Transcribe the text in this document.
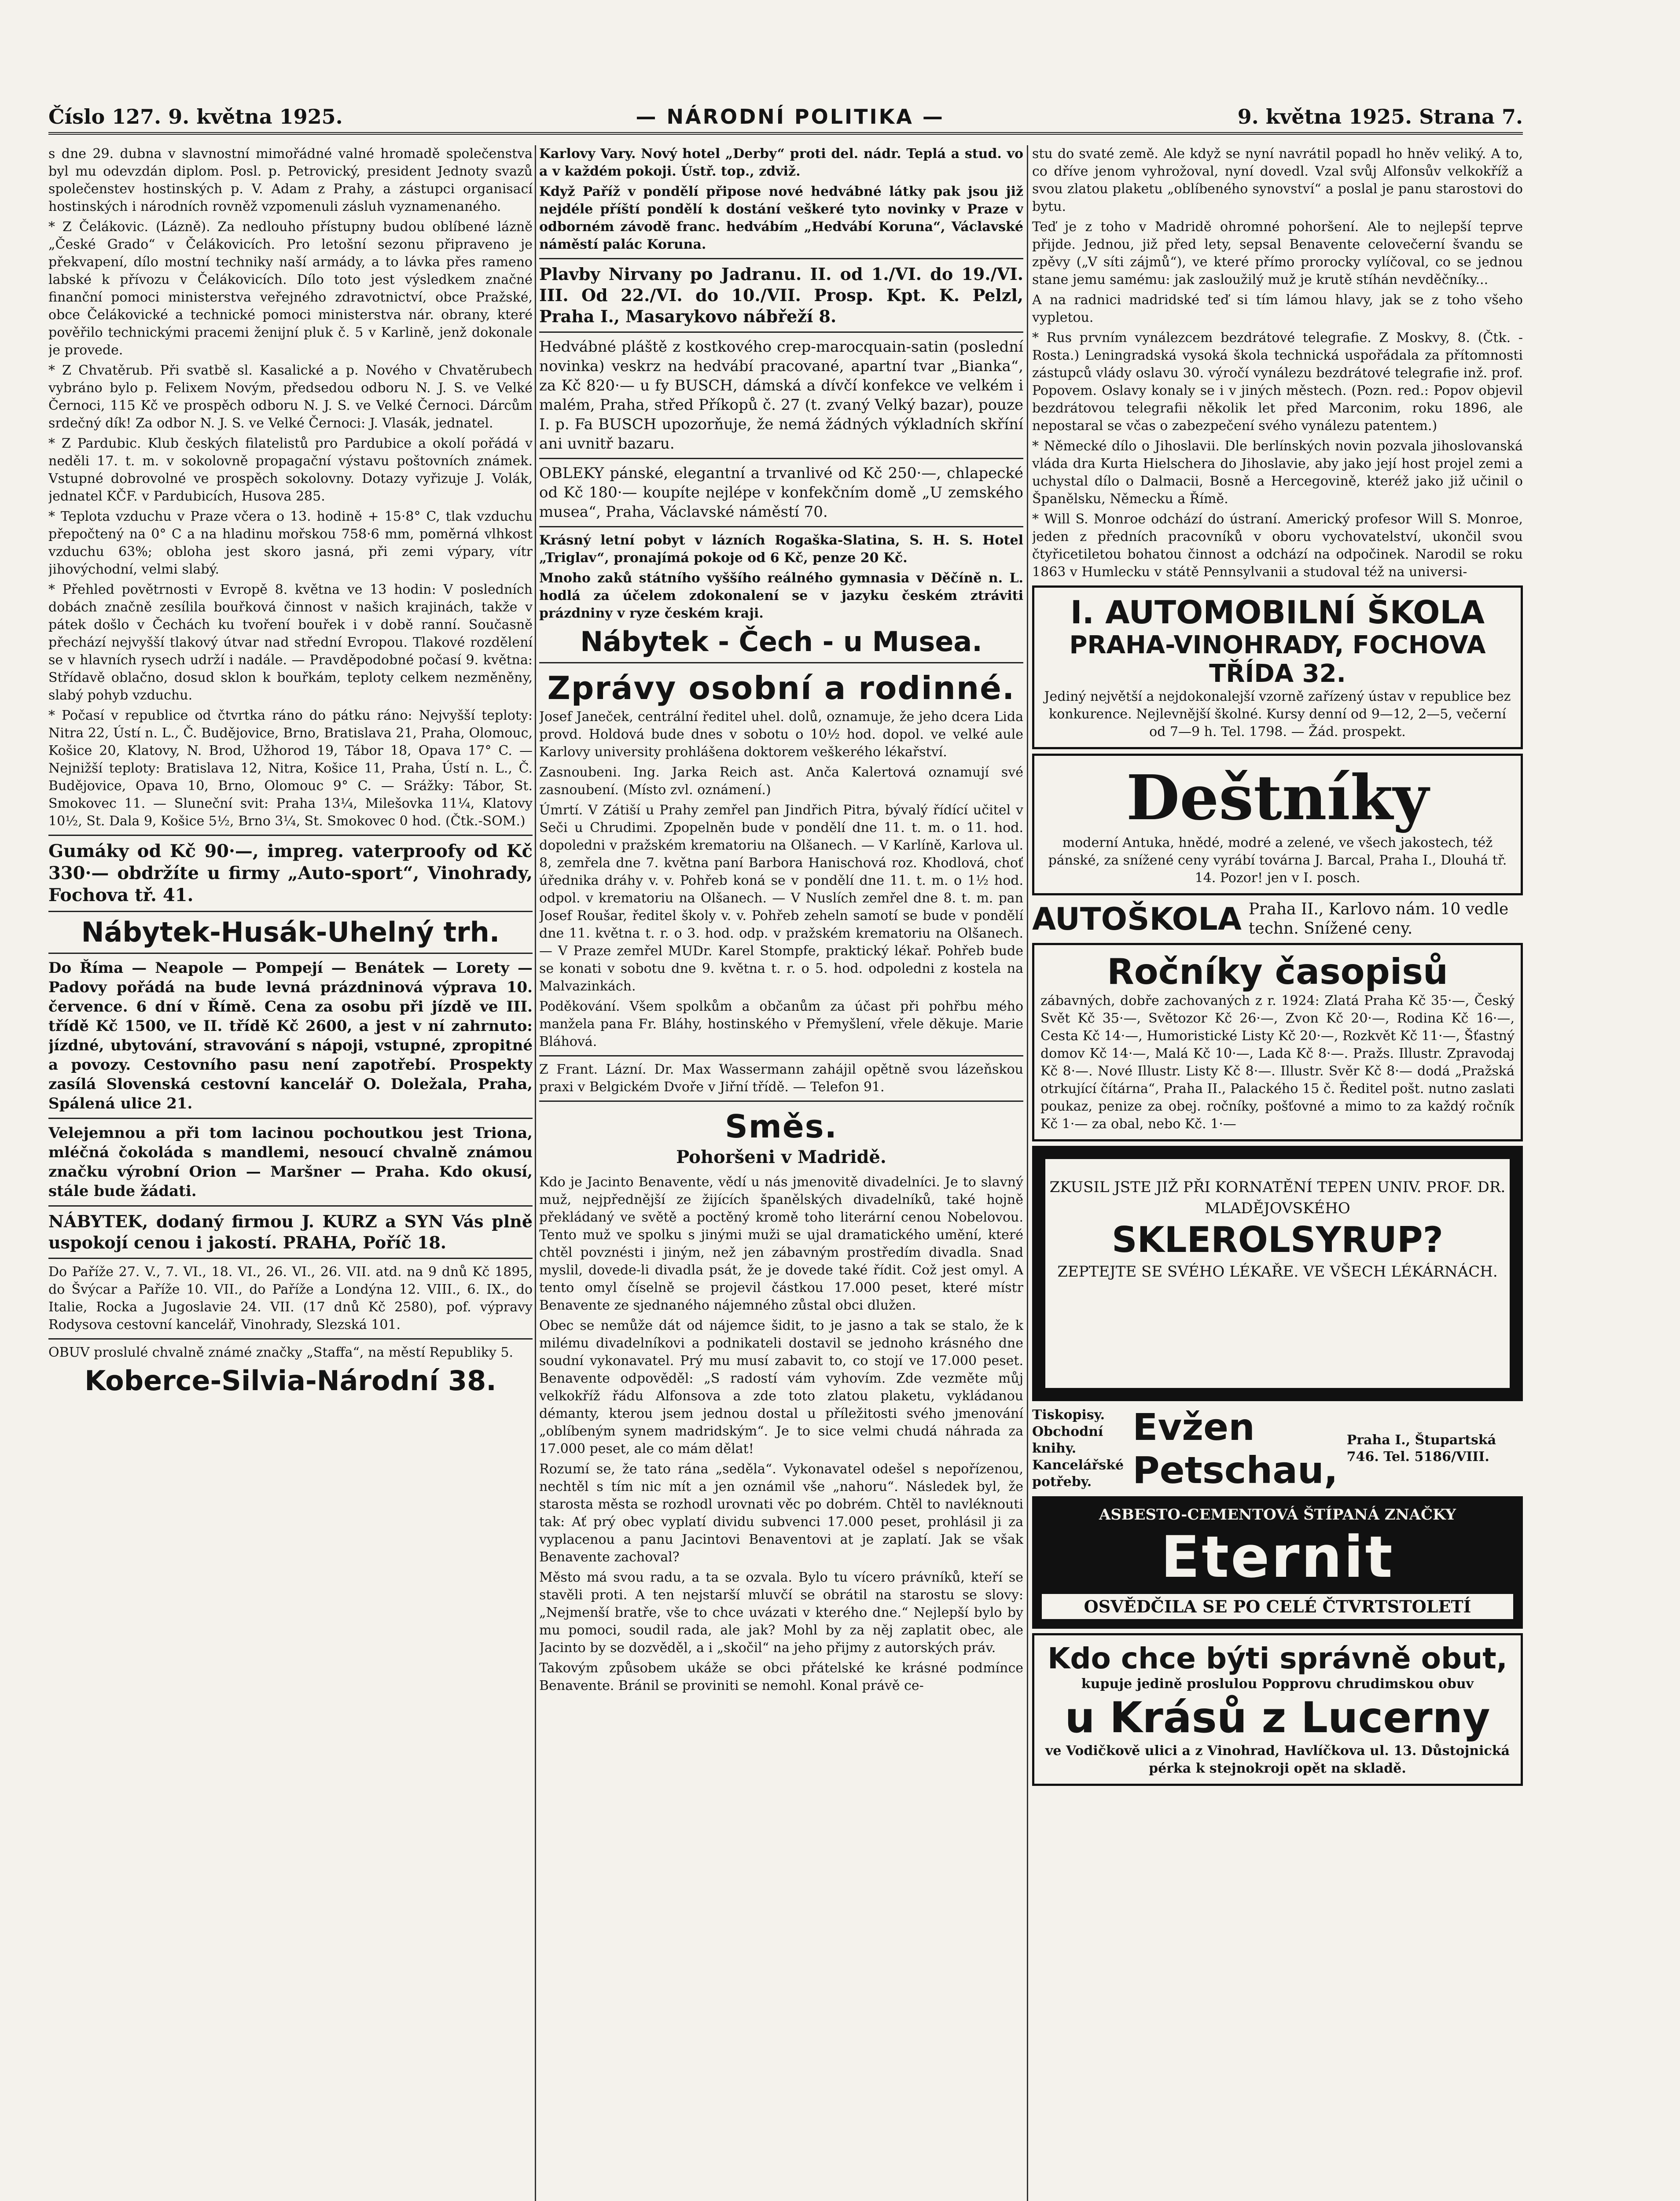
Číslo 127. 9. května 1925.	— NÁRODNÍ POLITIKA —	9. května 1925. Strana 7.

s dne 29. dubna v slavnostní mimořádné valné hromadě společenstva byl mu odevzdán diplom. Posl. p. Petrovický, president Jednoty svazů společenstev hostinských p. V. Adam z Prahy, a zástupci organisací hostinských i národních rovněž vzpomenuli zásluh vyznamenaného.

* Z Čelákovic. (Lázně). Za nedlouho přístupny budou oblíbené lázně „České Grado“ v Čelákovicích. Pro letošní sezonu připraveno je překvapení, dílo mostní techniky naší armády, a to lávka přes rameno labské k přívozu v Čelákovicích. Dílo toto jest výsledkem značné finanční pomoci ministerstva veřejného zdravotnictví, obce Pražské, obce Čelákovické a technické pomoci ministerstva nár. obrany, které pověřilo technickými pracemi ženijní pluk č. 5 v Karlině, jenž dokonale je provede.

* Z Chvatěrub. Při svatbě sl. Kasalické a p. Nového v Chvatěrubech vybráno bylo p. Felixem Novým, předsedou odboru N. J. S. ve Velké Černoci, 115 Kč ve prospěch odboru N. J. S. ve Velké Černoci. Dárcům srdečný dík! Za odbor N. J. S. ve Velké Černoci: J. Vlasák, jednatel.

* Z Pardubic. Klub českých filatelistů pro Pardubice a okolí pořádá v neděli 17. t. m. v sokolovně propagační výstavu poštovních známek. Vstupné dobrovolné ve prospěch sokolovny. Dotazy vyřizuje J. Volák, jednatel KČF. v Pardubicích, Husova 285.

* Teplota vzduchu v Praze včera o 13. hodině + 15·8° C, tlak vzduchu přepočtený na 0° C a na hladinu mořskou 758·6 mm, poměrná vlhkost vzduchu 63%; obloha jest skoro jasná, při zemi výpary, vítr jihovýchodní, velmi slabý.

* Přehled povětrnosti v Evropě 8. května ve 13 hodin: V posledních dobách značně zesílila bouřková činnost v našich krajinách, takže v pátek došlo v Čechách ku tvoření bouřek i v době ranní. Současně přechází nejvyšší tlakový útvar nad střední Evropou. Tlakové rozdělení se v hlavních rysech udrží i nadále. — Pravděpodobné počasí 9. května: Střídavě oblačno, dosud sklon k bouřkám, teploty celkem nezměněny, slabý pohyb vzduchu.

* Počasí v republice od čtvrtka ráno do pátku ráno: Nejvyšší teploty: Nitra 22, Ústí n. L., Č. Budějovice, Brno, Bratislava 21, Praha, Olomouc, Košice 20, Klatovy, N. Brod, Užhorod 19, Tábor 18, Opava 17° C. — Nejnižší teploty: Bratislava 12, Nitra, Košice 11, Praha, Ústí n. L., Č. Budějovice, Opava 10, Brno, Olomouc 9° C. — Srážky: Tábor, St. Smokovec 11. — Sluneční svit: Praha 13¼, Milešovka 11¼, Klatovy 10½, St. Dala 9, Košice 5½, Brno 3¼, St. Smokovec 0 hod. (Čtk.-SOM.)

Gumáky od Kč 90·—, impreg. vaterproofy od Kč 330·— obdržíte u firmy „Auto-sport“, Vinohrady, Fochova tř. 41.

Nábytek-Husák-Uhelný trh.

Do Říma — Neapole — Pompejí — Benátek — Lorety — Padovy pořádá na bude levná prázdninová výprava 10. července. 6 dní v Římě. Cena za osobu při jízdě ve III. třídě Kč 1500, ve II. třídě Kč 2600, a jest v ní zahrnuto: jízdné, ubytování, stravování s nápoji, vstupné, zpropitné a povozy. Cestovního pasu není zapotřebí. Prospekty zasílá Slovenská cestovní kancelář O. Doležala, Praha, Spálená ulice 21.

Velejemnou a při tom lacinou pochoutkou jest Triona, mléčná čokoláda s mandlemi, nesoucí chvalně známou značku výrobní Orion — Maršner — Praha. Kdo okusí, stále bude žádati.

NÁBYTEK, dodaný firmou J. KURZ a SYN Vás plně uspokojí cenou i jakostí. PRAHA, Poříč 18.

Do Paříže 27. V., 7. VI., 18. VI., 26. VI., 26. VII. atd. na 9 dnů Kč 1895, do Švýcar a Paříže 10. VII., do Paříže a Londýna 12. VIII., 6. IX., do Italie, Rocka a Jugoslavie 24. VII. (17 dnů Kč 2580), pof. výpravy Rodysova cestovní kancelář, Vinohrady, Slezská 101.

OBUV proslulé chvalně známé značky „Staffa“, na městí Republiky 5.

Koberce-Silvia-Národní 38.

Karlovy Vary. Nový hotel „Derby“ proti del. nádr. Teplá a stud. vo a v každém pokoji. Ústř. top., zdviž.

Když Paříž v pondělí připose nové hedvábné látky pak jsou již nejdéle příští pondělí k dostání veškeré tyto novinky v Praze v odborném závodě franc. hedvábím „Hedvábí Koruna“, Václavské náměstí palác Koruna.

Plavby Nirvany po Jadranu. II. od 1./VI. do 19./VI. III. Od 22./VI. do 10./VII. Prosp. Kpt. K. Pelzl, Praha I., Masarykovo nábřeží 8.

Hedvábné pláště z kostkového crep-marocquain-satin (poslední novinka) veskrz na hedvábí pracované, apartní tvar „Bianka“, za Kč 820·— u fy BUSCH, dámská a dívčí konfekce ve velkém i malém, Praha, střed Příkopů č. 27 (t. zvaný Velký bazar), pouze I. p. Fa BUSCH upozorňuje, že nemá žádných výkladních skříní ani uvnitř bazaru.

OBLEKY pánské, elegantní a trvanlivé od Kč 250·—, chlapecké od Kč 180·— koupíte nejlépe v konfekčním domě „U zemského musea“, Praha, Václavské náměstí 70.

Krásný letní pobyt v lázních Rogaška-Slatina, S. H. S. Hotel „Triglav“, pronajímá pokoje od 6 Kč, penze 20 Kč.

Mnoho zaků státního vyššího reálného gymnasia v Děčíně n. L. hodlá za účelem zdokonalení se v jazyku českém ztráviti prázdniny v ryze českém kraji.

Nábytek - Čech - u Musea.
Zprávy osobní a rodinné.

Josef Janeček, centrální ředitel uhel. dolů, oznamuje, že jeho dcera Lida provd. Holdová bude dnes v sobotu o 10½ hod. dopol. ve velké aule Karlovy university prohlášena doktorem veškerého lékařství.

Zasnoubeni. Ing. Jarka Reich ast. Anča Kalertová oznamují své zasnoubení. (Místo zvl. oznámení.)

Úmrtí. V Zátiší u Prahy zemřel pan Jindřich Pitra, bývalý řídící učitel v Seči u Chrudimi. Zpopelněn bude v pondělí dne 11. t. m. o 11. hod. dopoledni v pražském krematoriu na Olšanech. — V Karlíně, Karlova ul. 8, zemřela dne 7. května paní Barbora Hanischová roz. Khodlová, choť úřednika dráhy v. v. Pohřeb koná se v pondělí dne 11. t. m. o 1½ hod. odpol. v krematoriu na Olšanech. — V Nuslích zemřel dne 8. t. m. pan Josef Roušar, ředitel školy v. v. Pohřeb zeheln samotí se bude v pondělí dne 11. května t. r. o 3. hod. odp. v pražském krematoriu na Olšanech. — V Praze zemřel MUDr. Karel Stompfe, praktický lékař. Pohřeb bude se konati v sobotu dne 9. května t. r. o 5. hod. odpoledni z kostela na Malvazinkách.

Poděkování. Všem spolkům a občanům za účast při pohřbu mého manžela pana Fr. Bláhy, hostinského v Přemyšlení, vřele děkuje. Marie Bláhová.

Z Frant. Lázní. Dr. Max Wassermann zahájil opětně svou lázeňskou praxi v Belgickém Dvoře v Jiřní třídě. — Telefon 91.

Směs.
Pohoršeni v Madridě.

Kdo je Jacinto Benavente, vědí u nás jmenovitě divadelníci. Je to slavný muž, nejpřednější ze žijících španělských divadelníků, také hojně překládaný ve světě a poctěný kromě toho literární cenou Nobelovou. Tento muž ve spolku s jinými muži se ujal dramatického umění, které chtěl povznésti i jiným, než jen zábavným prostředím divadla. Snad myslil, dovede-li divadla psát, že je dovede také řídit. Což jest omyl. A tento omyl číselně se projevil částkou 17.000 peset, které místr Benavente ze sjednaného nájemného zůstal obci dlužen.

Obec se nemůže dát od nájemce šidit, to je jasno a tak se stalo, že k milému divadelníkovi a podnikateli dostavil se jednoho krásného dne soudní vykonavatel. Prý mu musí zabavit to, co stojí ve 17.000 peset. Benavente odpověděl: „S radostí vám vyhovím. Zde vezměte můj velkokříž řádu Alfonsova a zde toto zlatou plaketu, vykládanou démanty, kterou jsem jednou dostal u příležitosti svého jmenování „oblíbeným synem madridským“. Je to sice velmi chudá náhrada za 17.000 peset, ale co mám dělat!

Rozumí se, že tato rána „seděla“. Vykonavatel odešel s nepořízenou, nechtěl s tím nic mít a jen oznámil vše „nahoru“. Následek byl, že starosta města se rozhodl urovnati věc po dobrém. Chtěl to navléknouti tak: Ať prý obec vyplatí dividu subvenci 17.000 peset, prohlásil ji za vyplacenou a panu Jacintovi Benaventovi at je zaplatí. Jak se však Benavente zachoval?

Město má svou radu, a ta se ozvala. Bylo tu vícero právníků, kteří se stavěli proti. A ten nejstarší mluvčí se obrátil na starostu se slovy: „Nejmenší bratře, vše to chce uvázati v kterého dne.“ Nejlepší bylo by mu pomoci, soudil rada, ale jak? Mohl by za něj zaplatit obec, ale Jacinto by se dozvěděl, a i „skočil“ na jeho přijmy z autorských práv.

Takovým způsobem ukáže se obci přátelské ke krásné podmínce Benavente. Bránil se proviniti se nemohl. Konal právě ce-

stu do svaté země. Ale když se nyní navrátil popadl ho hněv veliký. A to, co dříve jenom vyhrožoval, nyní dovedl. Vzal svůj Alfonsův velkokříž a svou zlatou plaketu „oblíbeného synovství“ a poslal je panu starostovi do bytu.

Teď je z toho v Madridě ohromné pohoršení. Ale to nejlepší teprve přijde. Jednou, již před lety, sepsal Benavente celovečerní švandu se zpěvy („V síti zájmů“), ve které přímo prorocky vylíčoval, co se jednou stane jemu samému: jak zasloužilý muž je krutě stíhán nevděčníky...

A na radnici madridské teď si tím lámou hlavy, jak se z toho všeho vypletou.

* Rus prvním vynálezcem bezdrátové telegrafie. Z Moskvy, 8. (Čtk. - Rosta.) Leningradská vysoká škola technická uspořádala za přítomnosti zástupců vlády oslavu 30. výročí vynálezu bezdrátové telegrafie inž. prof. Popovem. Oslavy konaly se i v jiných městech. (Pozn. red.: Popov objevil bezdrátovou telegrafii několik let před Marconim, roku 1896, ale nepostaral se včas o zabezpečení svého vynálezu patentem.)

* Německé dílo o Jihoslavii. Dle berlínských novin pozvala jihoslovanská vláda dra Kurta Hielschera do Jihoslavie, aby jako její host projel zemi a uchystal dílo o Dalmacii, Bosně a Hercegovině, kteréž jako již učinil o Španělsku, Německu a Římě.

* Will S. Monroe odchází do ústraní. Americký profesor Will S. Monroe, jeden z předních pracovníků v oboru vychovatelství, ukončil svou čtyřicetiletou bohatou činnost a odchází na odpočinek. Narodil se roku 1863 v Humlecku v státě Pennsylvanii a studoval též na universi-

I. AUTOMOBILNÍ ŠKOLA
PRAHA-VINOHRADY, FOCHOVA TŘÍDA 32.
Jediný největší a nejdokonalejší vzorně zařízený ústav v republice bez konkurence. Nejlevnější školné. Kursy denní od 9—12, 2—5, večerní od 7—9 h. Tel. 1798. — Žád. prospekt.
Deštníky
moderní Antuka, hnědé, modré a zelené, ve všech jakostech, též pánské, za snížené ceny vyrábí továrna J. Barcal, Praha I., Dlouhá tř. 14. Pozor! jen v I. posch.
AUTOŠKOLA Praha II., Karlovo nám. 10 vedle techn. Snížené ceny.
Ročníky časopisů
zábavných, dobře zachovaných z r. 1924: Zlatá Praha Kč 35·—, Český Svět Kč 35·—, Světozor Kč 26·—, Zvon Kč 20·—, Rodina Kč 16·—, Cesta Kč 14·—, Humoristické Listy Kč 20·—, Rozkvět Kč 11·—, Šťastný domov Kč 14·—, Malá Kč 10·—, Lada Kč 8·—. Pražs. Illustr. Zpravodaj Kč 8·—. Nové Illustr. Listy Kč 8·—. Illustr. Svěr Kč 8·— dodá „Pražská otrkující čítárna“, Praha II., Palackého 15 č. Ředitel pošt. nutno zaslati poukaz, penize za obej. ročníky, pošťovné a mimo to za každý ročník Kč 1·— za obal, nebo Kč. 1·—
ZKUSIL JSTE JIŽ PŘI KORNATĚNÍ TEPEN UNIV. PROF. DR. MLADĚJOVSKÉHO
SKLEROLSYRUP?
ZEPTEJTE SE SVÉHO LÉKAŘE. VE VŠECH LÉKÁRNÁCH.
Tiskopisy. Obchodní knihy. Kancelářské potřeby.
Evžen Petschau,
Praha I., Štupartská 746. Tel. 5186/VIII.
ASBESTO-CEMENTOVÁ ŠTÍPANÁ ZNAČKY
Eternit
OSVĚDČILA SE PO CELÉ ČTVRTSTOLETÍ
Kdo chce býti správně obut,
kupuje jedině proslulou Popprovu chrudimskou obuv
u Krásů z Lucerny
ve Vodičkově ulici a z Vinohrad, Havlíčkova ul. 13. Důstojnická pérka k stejnokroji opět na skladě.
